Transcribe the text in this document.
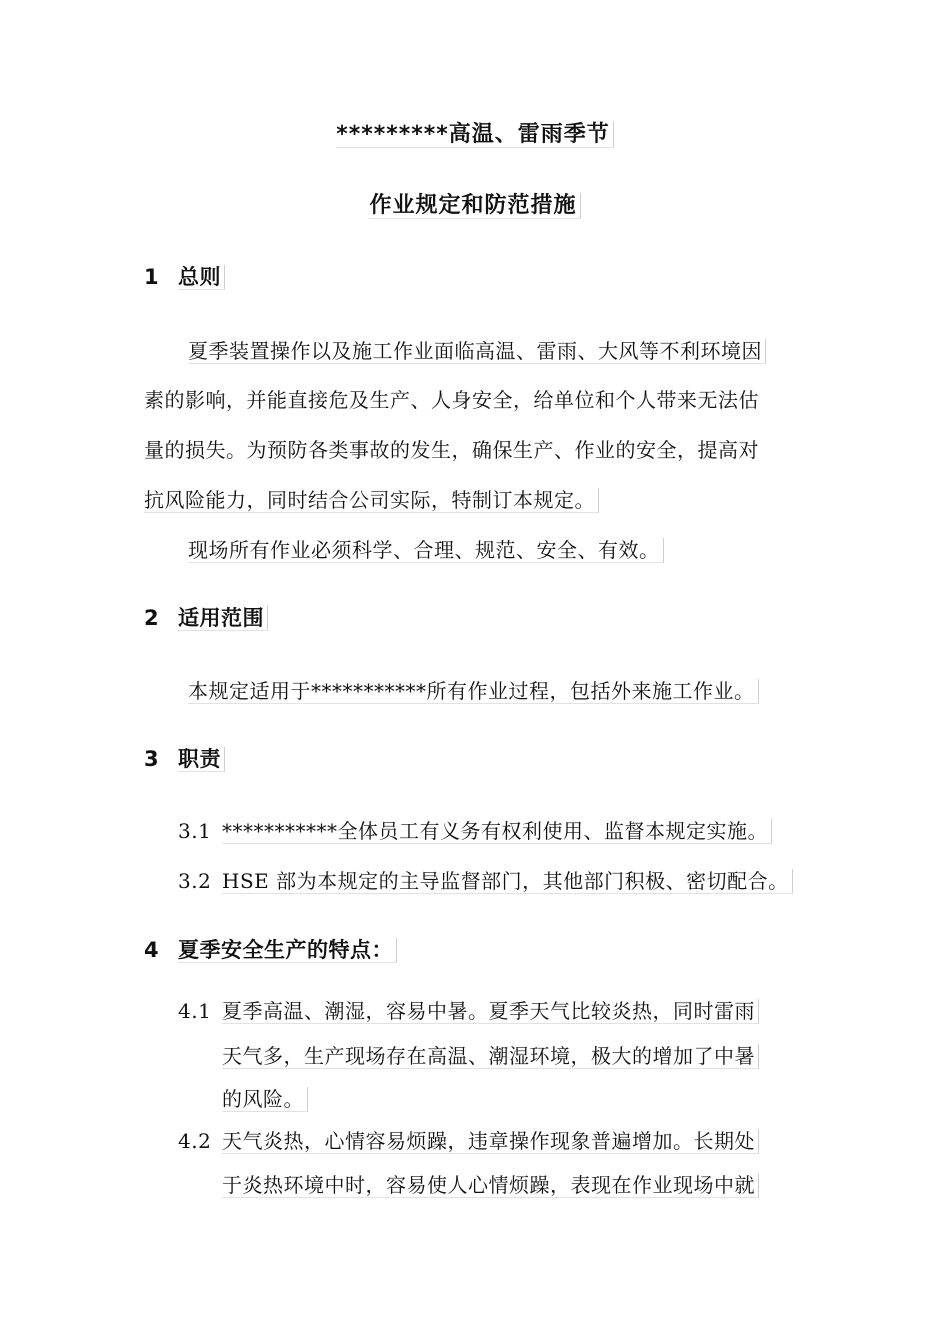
*********高温、雷雨季节
作业规定和防范措施
1 总则
夏季装置操作以及施工作业面临高温、雷雨、大风等不利环境因
素的影响，并能直接危及生产、人身安全，给单位和个人带来无法估
量的损失。为预防各类事故的发生，确保生产、作业的安全，提高对
抗风险能力，同时结合公司实际，特制订本规定。
现场所有作业必须科学、合理、规范、安全、有效。
2 适用范围
本规定适用于***********所有作业过程，包括外来施工作业。
3 职责
3.1 ***********全体员工有义务有权利使用、监督本规定实施。
3.2 HSE 部为本规定的主导监督部门，其他部门积极、密切配合。
4 夏季安全生产的特点：
4.1 夏季高温、潮湿，容易中暑。夏季天气比较炎热，同时雷雨
天气多，生产现场存在高温、潮湿环境，极大的增加了中暑
的风险。
4.2 天气炎热，心情容易烦躁，违章操作现象普遍增加。长期处
于炎热环境中时，容易使人心情烦躁，表现在作业现场中就
